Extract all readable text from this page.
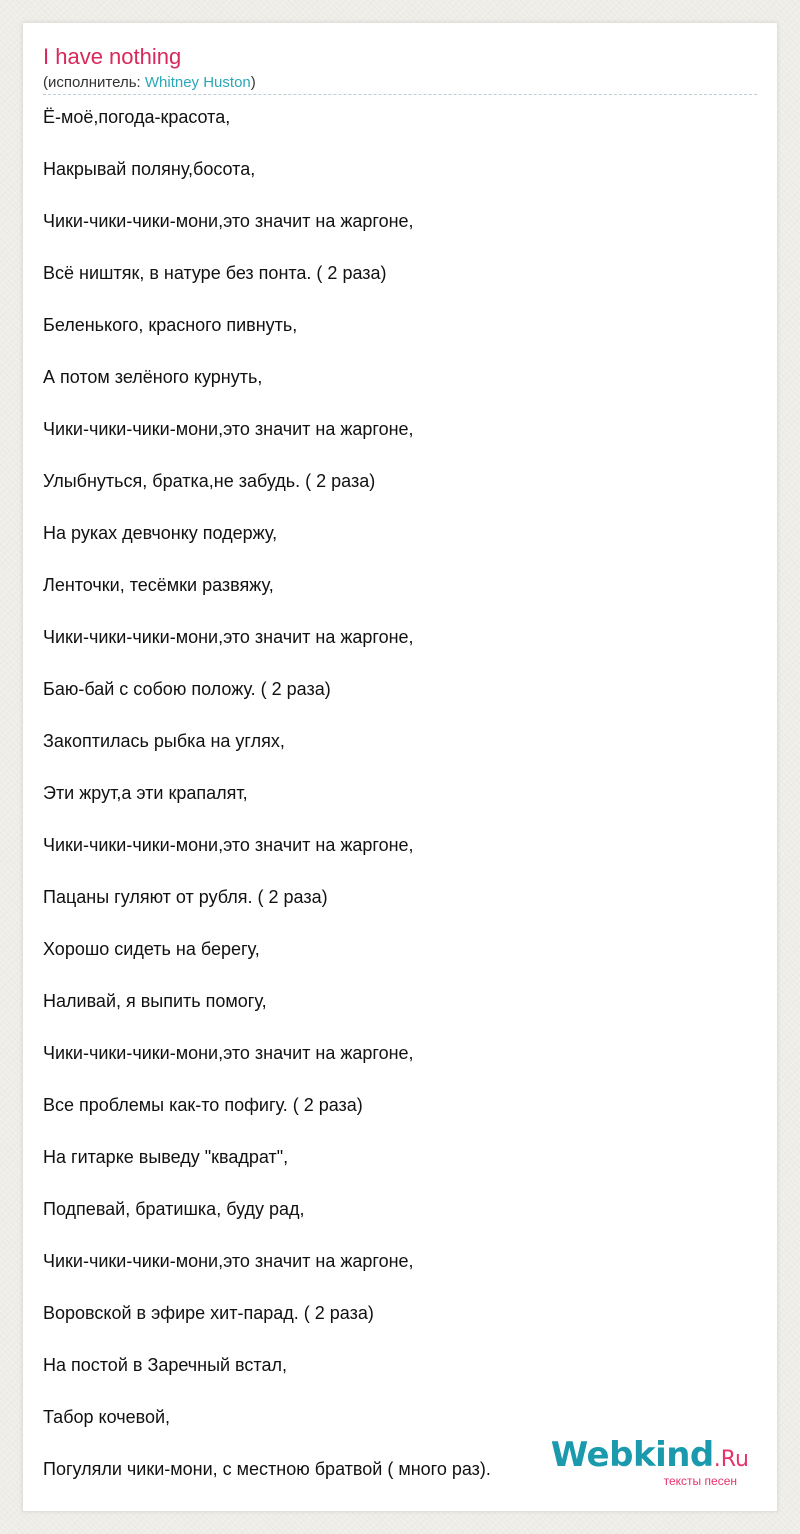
I have nothing
(исполнитель: Whitney Huston)
Ё-моё,погода-красота,
Накрывай поляну,босота,
Чики-чики-чики-мони,это значит на жаргоне,
Всё ништяк, в натуре без понта. ( 2 раза)
Беленького, красного пивнуть,
А потом зелёного курнуть,
Чики-чики-чики-мони,это значит на жаргоне,
Улыбнуться, братка,не забудь. ( 2 раза)
На руках девчонку подержу,
Ленточки, тесёмки развяжу,
Чики-чики-чики-мони,это значит на жаргоне,
Баю-бай с собою положу. ( 2 раза)
Закоптилась рыбка на углях,
Эти жрут,а эти крапалят,
Чики-чики-чики-мони,это значит на жаргоне,
Пацаны гуляют от рубля. ( 2 раза)
Хорошо сидеть на берегу,
Наливай, я выпить помогу,
Чики-чики-чики-мони,это значит на жаргоне,
Все проблемы как-то пофигу. ( 2 раза)
На гитарке выведу "квадрат",
Подпевай, братишка, буду рад,
Чики-чики-чики-мони,это значит на жаргоне,
Воровской в эфире хит-парад. ( 2 раза)
На постой в Заречный встал,
Табор кочевой,
Погуляли чики-мони, с местною братвой ( много раз). Webkind.Ru
тексты песен
